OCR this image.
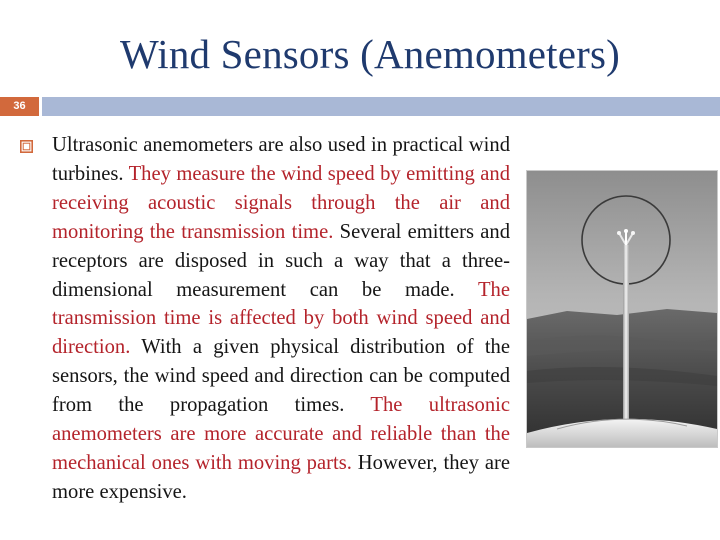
Wind Sensors (Anemometers)
36

Ultrasonic anemometers are also used in practical wind turbines. They measure the wind speed by emitting and receiving acoustic signals through the air and monitoring the transmission time. Several emitters and receptors are disposed in such a way that a three-dimensional measurement can be made. The transmission time is affected by both wind speed and direction. With a given physical distribution of the sensors, the wind speed and direction can be computed from the propagation times. The ultrasonic anemometers are more accurate and reliable than the mechanical ones with moving parts. However, they are more expensive.
